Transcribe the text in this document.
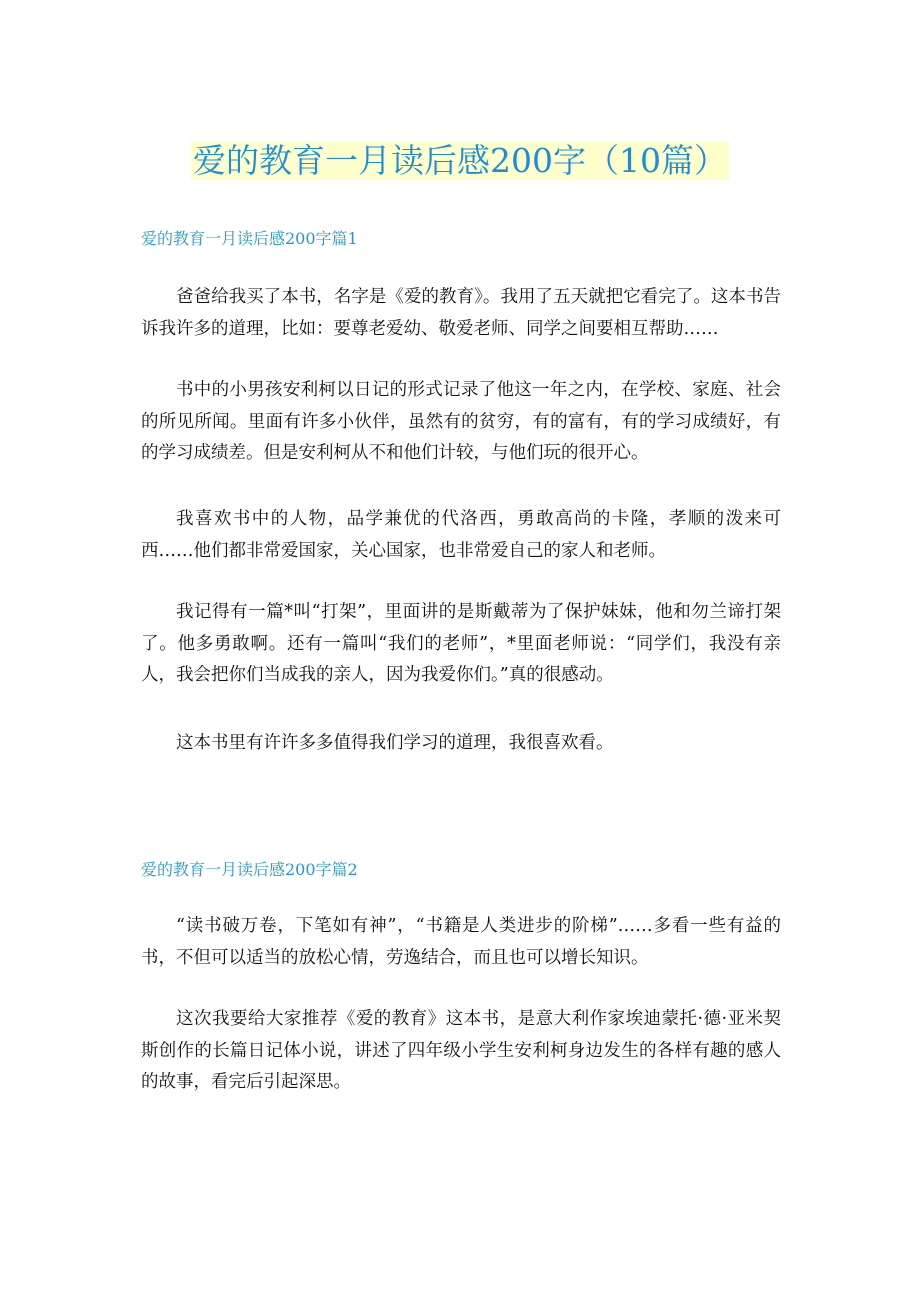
爱的教育一月读后感200字（10篇）
爱的教育一月读后感200字篇1

爸爸给我买了本书，名字是《爱的教育》。我用了五天就把它看完了。这本书告诉我许多的道理，比如：要尊老爱幼、敬爱老师、同学之间要相互帮助……

书中的小男孩安利柯以日记的形式记录了他这一年之内，在学校、家庭、社会的所见所闻。里面有许多小伙伴，虽然有的贫穷，有的富有，有的学习成绩好，有的学习成绩差。但是安利柯从不和他们计较，与他们玩的很开心。

我喜欢书中的人物，品学兼优的代洛西，勇敢高尚的卡隆，孝顺的泼来可西……他们都非常爱国家，关心国家，也非常爱自己的家人和老师。

我记得有一篇*叫“打架”，里面讲的是斯戴蒂为了保护妹妹，他和勿兰谛打架了。他多勇敢啊。还有一篇叫“我们的老师”，*里面老师说：“同学们，我没有亲人，我会把你们当成我的亲人，因为我爱你们。”真的很感动。

这本书里有许许多多值得我们学习的道理，我很喜欢看。

爱的教育一月读后感200字篇2

“读书破万卷，下笔如有神”，“书籍是人类进步的阶梯”……多看一些有益的书，不但可以适当的放松心情，劳逸结合，而且也可以增长知识。

这次我要给大家推荐《爱的教育》这本书，是意大利作家埃迪蒙托·德·亚米契斯创作的长篇日记体小说，讲述了四年级小学生安利柯身边发生的各样有趣的感人的故事，看完后引起深思。
